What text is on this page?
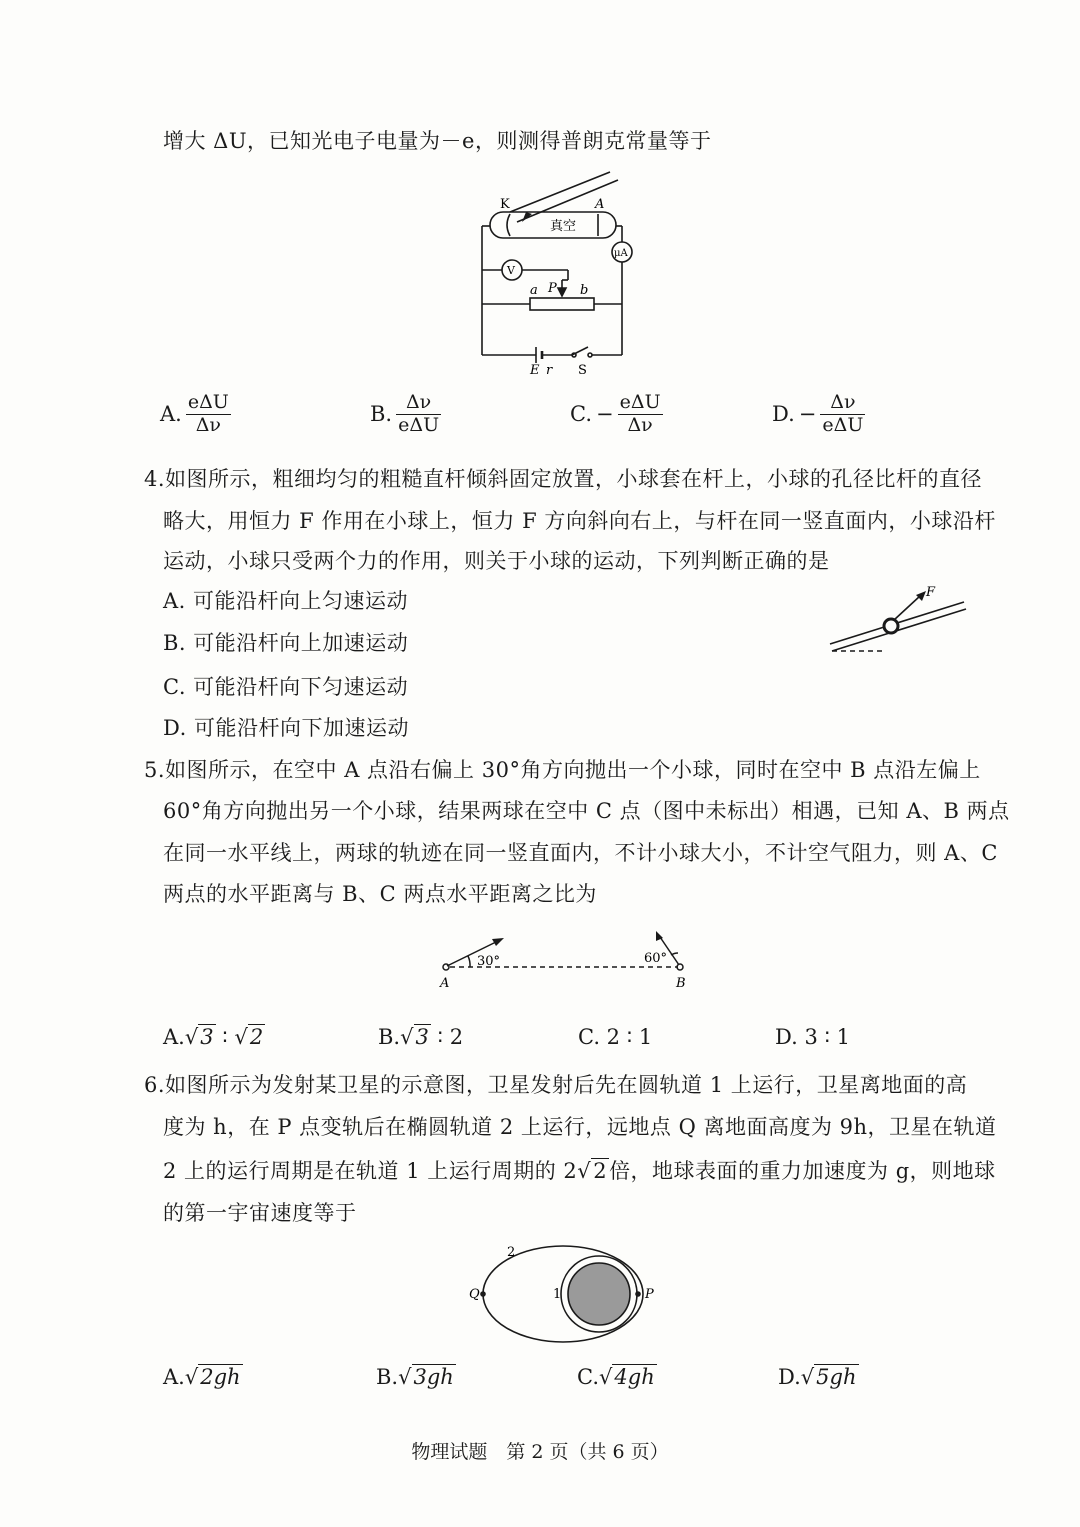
增大 ΔU，已知光电子电量为－e，则测得普朗克常量等于
K	A
真空
μA
V
a P b
E r S
A. $\frac{\text{eΔU}}{\Delta\nu}$	B. $\frac{\Delta\nu}{\text{eΔU}}$	C. − $\frac{\text{eΔU}}{\Delta\nu}$	D. − $\frac{\Delta\nu}{\text{eΔU}}$
4.如图所示，粗细均匀的粗糙直杆倾斜固定放置，小球套在杆上，小球的孔径比杆的直径
略大，用恒力 F 作用在小球上，恒力 F 方向斜向右上，与杆在同一竖直面内，小球沿杆
运动，小球只受两个力的作用，则关于小球的运动，下列判断正确的是
A. 可能沿杆向上匀速运动
B. 可能沿杆向上加速运动
C. 可能沿杆向下匀速运动
D. 可能沿杆向下加速运动
F
5.如图所示，在空中 A 点沿右偏上 30°角方向抛出一个小球，同时在空中 B 点沿左偏上
60°角方向抛出另一个小球，结果两球在空中 C 点（图中未标出）相遇，已知 A、B 两点
在同一水平线上，两球的轨迹在同一竖直面内，不计小球大小，不计空气阻力，则 A、C
两点的水平距离与 B、C 两点水平距离之比为
30°	60°
A	B
A.√3 ∶ √2	B.√3 ∶ 2	C. 2 ∶ 1	D. 3 ∶ 1
6.如图所示为发射某卫星的示意图，卫星发射后先在圆轨道 1 上运行，卫星离地面的高
度为 h，在 P 点变轨后在椭圆轨道 2 上运行，远地点 Q 离地面高度为 9h，卫星在轨道
2 上的运行周期是在轨道 1 上运行周期的 2√2倍，地球表面的重力加速度为 g，则地球
的第一宇宙速度等于
2
1
Q	P
A.√2gh	B.√3gh	C.√4gh	D.√5gh
物理试题　第 2 页（共 6 页）
